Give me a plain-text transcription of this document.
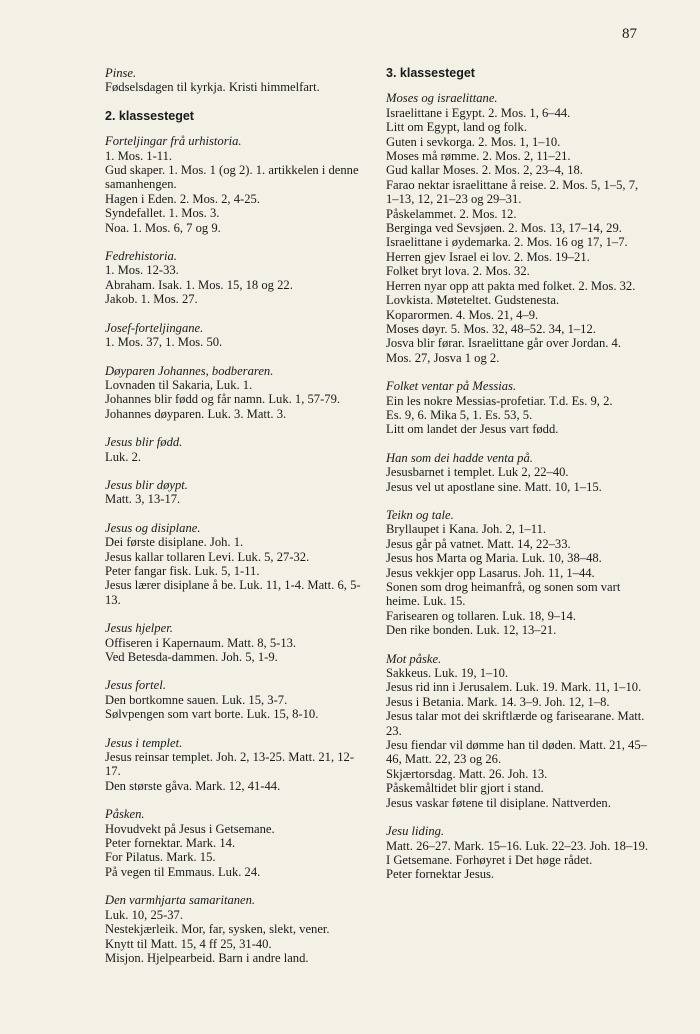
87
Pinse.
Fødselsdagen til kyrkja. Kristi himmelfart.
2. klassesteget
Forteljingar frå urhistoria.
1. Mos. 1-11.
Gud skaper. 1. Mos. 1 (og 2). 1. artikkelen i denne samanhengen.
Hagen i Eden. 2. Mos. 2, 4-25.
Syndefallet. 1. Mos. 3.
Noa. 1. Mos. 6, 7 og 9.
Fedrehistoria.
1. Mos. 12-33.
Abraham. Isak. 1. Mos. 15, 18 og 22.
Jakob. 1. Mos. 27.
Josef-forteljingane.
1. Mos. 37, 1. Mos. 50.
Døyparen Johannes, bodberaren.
Lovnaden til Sakaria, Luk. 1.
Johannes blir fødd og får namn. Luk. 1, 57-79.
Johannes døyparen. Luk. 3. Matt. 3.
Jesus blir fødd.
Luk. 2.
Jesus blir døypt.
Matt. 3, 13-17.
Jesus og disiplane.
Dei første disiplane. Joh. 1.
Jesus kallar tollaren Levi. Luk. 5, 27-32.
Peter fangar fisk. Luk. 5, 1-11.
Jesus lærer disiplane å be. Luk. 11, 1-4. Matt. 6, 5-13.
Jesus hjelper.
Offiseren i Kapernaum. Matt. 8, 5-13.
Ved Betesda-dammen. Joh. 5, 1-9.
Jesus fortel.
Den bortkomne sauen. Luk. 15, 3-7.
Sølvpengen som vart borte. Luk. 15, 8-10.
Jesus i templet.
Jesus reinsar templet. Joh. 2, 13-25. Matt. 21, 12-17.
Den største gåva. Mark. 12, 41-44.
Påsken.
Hovudvekt på Jesus i Getsemane.
Peter fornektar. Mark. 14.
For Pilatus. Mark. 15.
På vegen til Emmaus. Luk. 24.
Den varmhjarta samaritanen.
Luk. 10, 25-37.
Nestekjærleik. Mor, far, sysken, slekt, vener.
Knytt til Matt. 15, 4 ff 25, 31-40.
Misjon. Hjelpearbeid. Barn i andre land.
3. klassesteget
Moses og israelittane.
Israelittane i Egypt. 2. Mos. 1, 6–44.
Litt om Egypt, land og folk.
Guten i sevkorga. 2. Mos. 1, 1–10.
Moses må rømme. 2. Mos. 2, 11–21.
Gud kallar Moses. 2. Mos. 2, 23–4, 18.
Farao nektar israelittane å reise. 2. Mos. 5, 1–5, 7, 1–13, 12, 21–23 og 29–31.
Påskelammet. 2. Mos. 12.
Berginga ved Sevsjøen. 2. Mos. 13, 17–14, 29.
Israelittane i øydemarka. 2. Mos. 16 og 17, 1–7.
Herren gjev Israel ei lov. 2. Mos. 19–21.
Folket bryt lova. 2. Mos. 32.
Herren nyar opp att pakta med folket. 2. Mos. 32.
Lovkista. Møteteltet. Gudstenesta.
Koparormen. 4. Mos. 21, 4–9.
Moses døyr. 5. Mos. 32, 48–52. 34, 1–12.
Josva blir førar. Israelittane går over Jordan. 4. Mos. 27, Josva 1 og 2.
Folket ventar på Messias.
Ein les nokre Messias-profetiar. T.d. Es. 9, 2.
Es. 9, 6. Mika 5, 1. Es. 53, 5.
Litt om landet der Jesus vart fødd.
Han som dei hadde venta på.
Jesusbarnet i templet. Luk 2, 22–40.
Jesus vel ut apostlane sine. Matt. 10, 1–15.
Teikn og tale.
Bryllaupet i Kana. Joh. 2, 1–11.
Jesus går på vatnet. Matt. 14, 22–33.
Jesus hos Marta og Maria. Luk. 10, 38–48.
Jesus vekkjer opp Lasarus. Joh. 11, 1–44.
Sonen som drog heimanfrå, og sonen som vart heime. Luk. 15.
Farisearen og tollaren. Luk. 18, 9–14.
Den rike bonden. Luk. 12, 13–21.
Mot påske.
Sakkeus. Luk. 19, 1–10.
Jesus rid inn i Jerusalem. Luk. 19. Mark. 11, 1–10.
Jesus i Betania. Mark. 14. 3–9. Joh. 12, 1–8.
Jesus talar mot dei skriftlærde og farisearane. Matt. 23.
Jesu fiendar vil dømme han til døden. Matt. 21, 45–46, Matt. 22, 23 og 26.
Skjærtorsdag. Matt. 26. Joh. 13.
Påskemåltidet blir gjort i stand.
Jesus vaskar føtene til disiplane. Nattverden.
Jesu liding.
Matt. 26–27. Mark. 15–16. Luk. 22–23. Joh. 18–19.
I Getsemane. Forhøyret i Det høge rådet.
Peter fornektar Jesus.
